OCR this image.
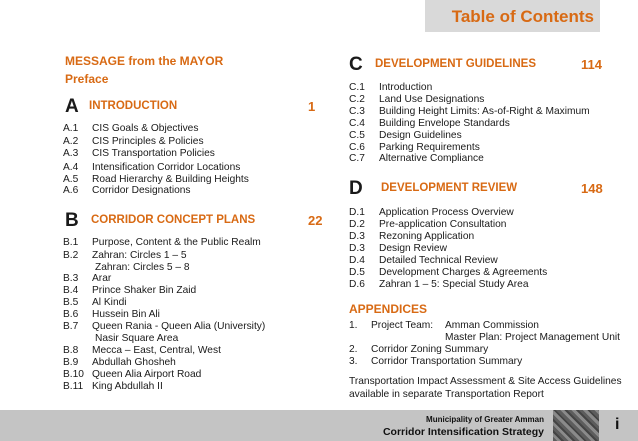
Table of Contents
MESSAGE from the MAYOR
Preface
A INTRODUCTION	1
A.1 CIS Goals & Objectives
A.2 CIS Principles & Policies
A.3 CIS Transportation Policies
A.4 Intensification Corridor Locations
A.5 Road Hierarchy & Building Heights
A.6 Corridor Designations
B CORRIDOR CONCEPT PLANS	22
B.1 Purpose, Content & the Public Realm
B.2 Zahran: Circles 1 – 5
Zahran: Circles 5 – 8
B.3 Arar
B.4 Prince Shaker Bin Zaid
B.5 Al Kindi
B.6 Hussein Bin Ali
B.7 Queen Rania - Queen Alia (University)
Nasir Square Area
B.8 Mecca – East, Central, West
B.9 Abdullah Ghosheh
B.10 Queen Alia Airport Road
B.11 King Abdullah II
C DEVELOPMENT GUIDELINES	114
C.1 Introduction
C.2 Land Use Designations
C.3 Building Height Limits: As-of-Right & Maximum
C.4 Building Envelope Standards
C.5 Design Guidelines
C.6 Parking Requirements
C.7 Alternative Compliance
D DEVELOPMENT REVIEW	148
D.1 Application Process Overview
D.2 Pre-application Consultation
D.3 Rezoning Application
D.3 Design Review
D.4 Detailed Technical Review
D.5 Development Charges & Agreements
D.6 Zahran 1 – 5: Special Study Area
APPENDICES
1. Project Team: Amman Commission
Master Plan: Project Management Unit
2. Corridor Zoning Summary
3. Corridor Transportation Summary
Transportation Impact Assessment & Site Access Guidelines
available in separate Transportation Report
Municipality of Greater Amman
Corridor Intensification Strategy	i
